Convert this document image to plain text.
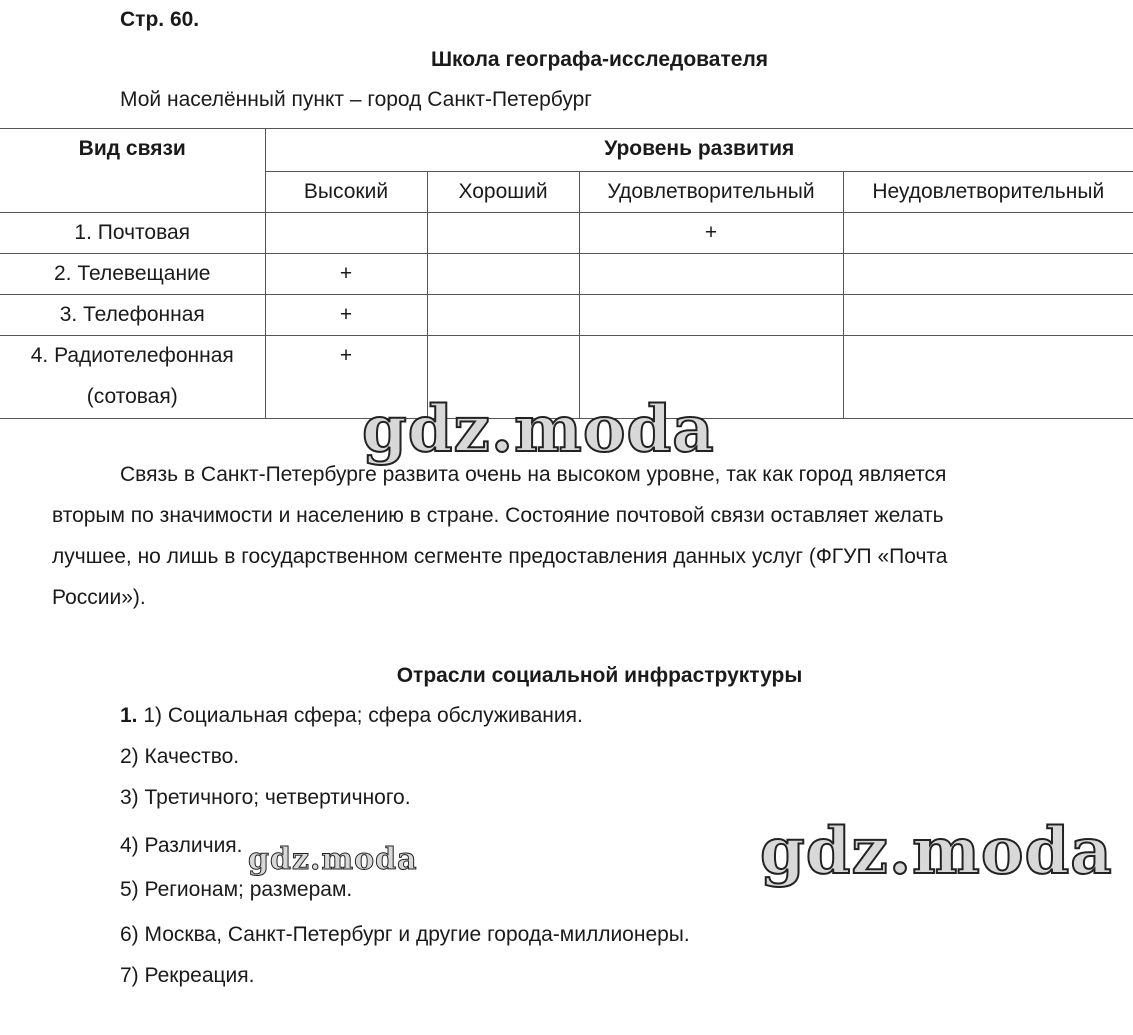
Стр. 60.
Школа географа-исследователя
Мой населённый пункт – город Санкт-Петербург
Вид связи	Уровень развития			

	Высокий	Хороший	Удовлетворительный	Неудовлетворительный

1. Почтовая			+	

2. Телевещание	+			

3. Телефонная	+			

4. Радиотелефонная
(сотовая)	+			

Связь в Санкт-Петербурге развита очень на высоком уровне, так как город является
вторым по значимости и населению в стране. Состояние почтовой связи оставляет желать
лучшее, но лишь в государственном сегменте предоставления данных услуг (ФГУП «Почта
России»).
Отрасли социальной инфраструктуры
1. 1) Социальная сфера; сфера обслуживания.
2) Качество.
3) Третичного; четвертичного.
4) Различия.
5) Регионам; размерам.
6) Москва, Санкт-Петербург и другие города-миллионеры.
7) Рекреация.
gdz.moda
gdz.moda
gdz.moda
